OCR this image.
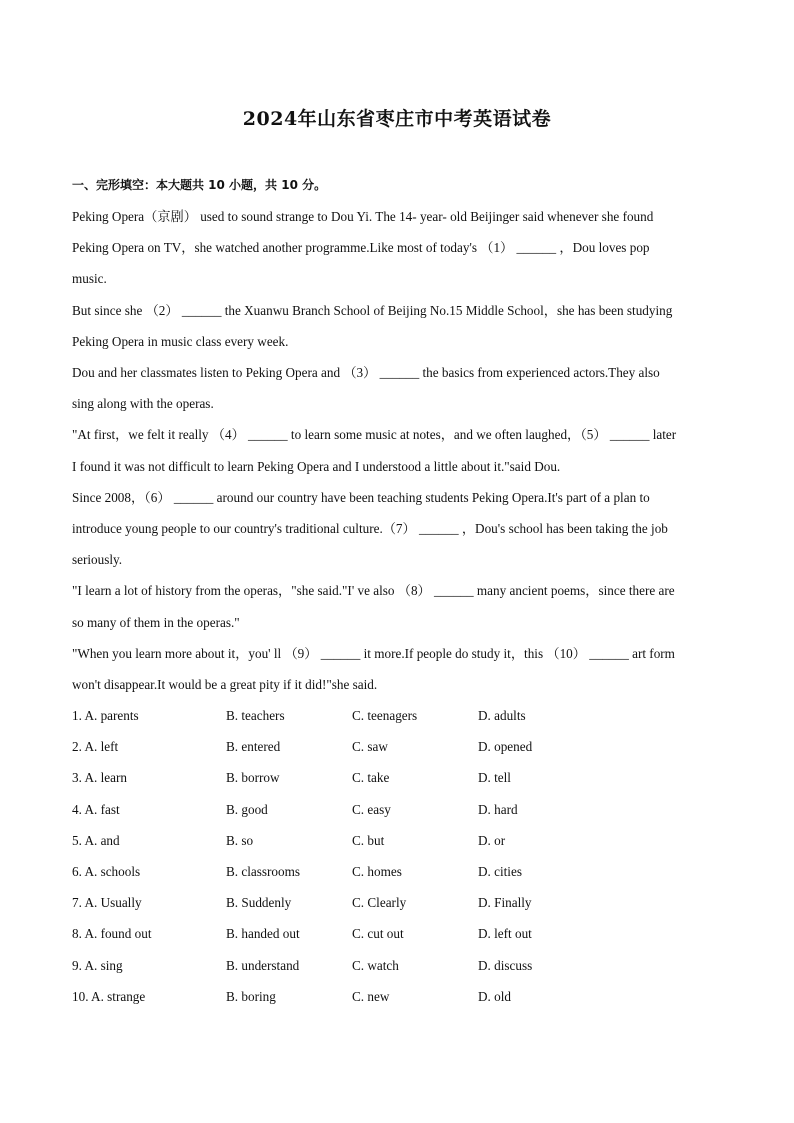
2024年山东省枣庄市中考英语试卷
一、完形填空：本大题共 10 小题，共 10 分。

Peking Opera（京剧） used to sound strange to Dou Yi. The 14- year- old Beijinger said whenever she found

Peking Opera on TV，she watched another programme.Like most of today's （1） ______ ，Dou loves pop

music.

But since she （2） ______ the Xuanwu Branch School of Beijing No.15 Middle School，she has been studying

Peking Opera in music class every week.

Dou and her classmates listen to Peking Opera and （3） ______ the basics from experienced actors.They also

sing along with the operas.

"At first，we felt it really （4） ______ to learn some music at notes，and we often laughed，（5） ______ later

I found it was not difficult to learn Peking Opera and I understood a little about it."said Dou.

Since 2008，（6） ______ around our country have been teaching students Peking Opera.It's part of a plan to

introduce young people to our country's traditional culture.（7） ______ ，Dou's school has been taking the job

seriously.

"I learn a lot of history from the operas，"she said."I' ve also （8） ______ many ancient poems，since there are

so many of them in the operas."

"When you learn more about it，you' ll （9） ______ it more.If people do study it，this （10） ______ art form

won't disappear.It would be a great pity if it did!"she said.

1. A. parents	B. teachers	C. teenagers	D. adults
2. A. left	B. entered	C. saw	D. opened
3. A. learn	B. borrow	C. take	D. tell
4. A. fast	B. good	C. easy	D. hard
5. A. and	B. so	C. but	D. or
6. A. schools	B. classrooms	C. homes	D. cities
7. A. Usually	B. Suddenly	C. Clearly	D. Finally
8. A. found out	B. handed out	C. cut out	D. left out
9. A. sing	B. understand	C. watch	D. discuss
10. A. strange	B. boring	C. new	D. old
